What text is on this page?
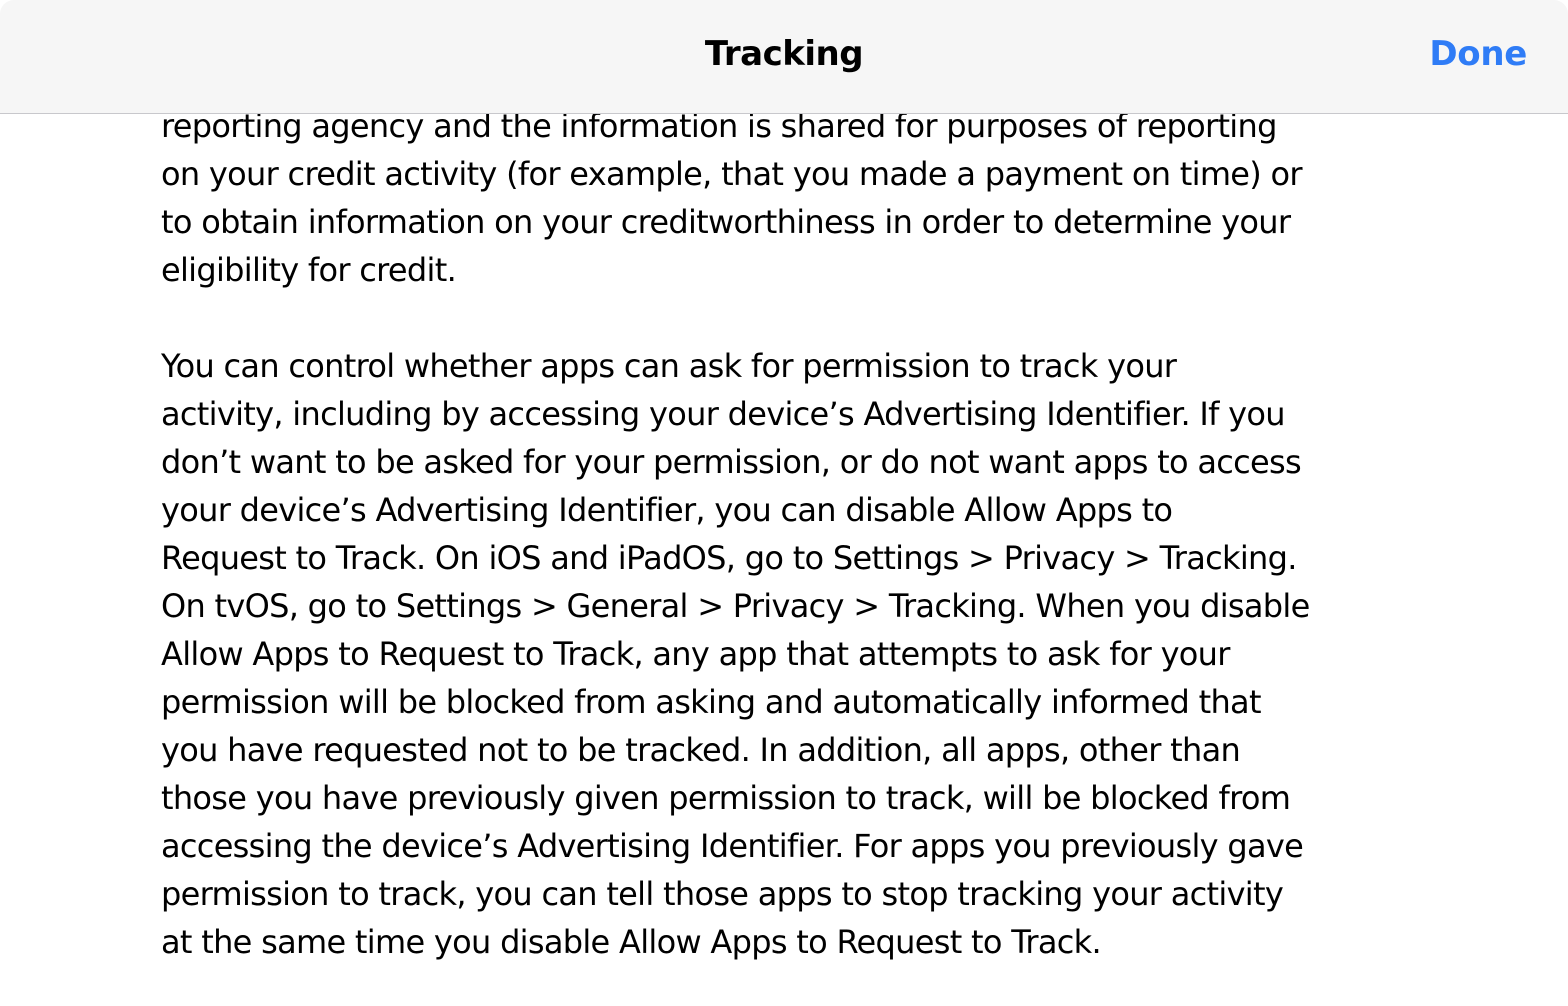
Tracking	Done

reporting agency and the information is shared for purposes of reporting
on your credit activity (for example, that you made a payment on time) or
to obtain information on your creditworthiness in order to determine your
eligibility for credit.

You can control whether apps can ask for permission to track your
activity, including by accessing your device’s Advertising Identifier. If you
don’t want to be asked for your permission, or do not want apps to access
your device’s Advertising Identifier, you can disable Allow Apps to
Request to Track. On iOS and iPadOS, go to Settings > Privacy > Tracking.
On tvOS, go to Settings > General > Privacy > Tracking. When you disable
Allow Apps to Request to Track, any app that attempts to ask for your
permission will be blocked from asking and automatically informed that
you have requested not to be tracked. In addition, all apps, other than
those you have previously given permission to track, will be blocked from
accessing the device’s Advertising Identifier. For apps you previously gave
permission to track, you can tell those apps to stop tracking your activity
at the same time you disable Allow Apps to Request to Track.
